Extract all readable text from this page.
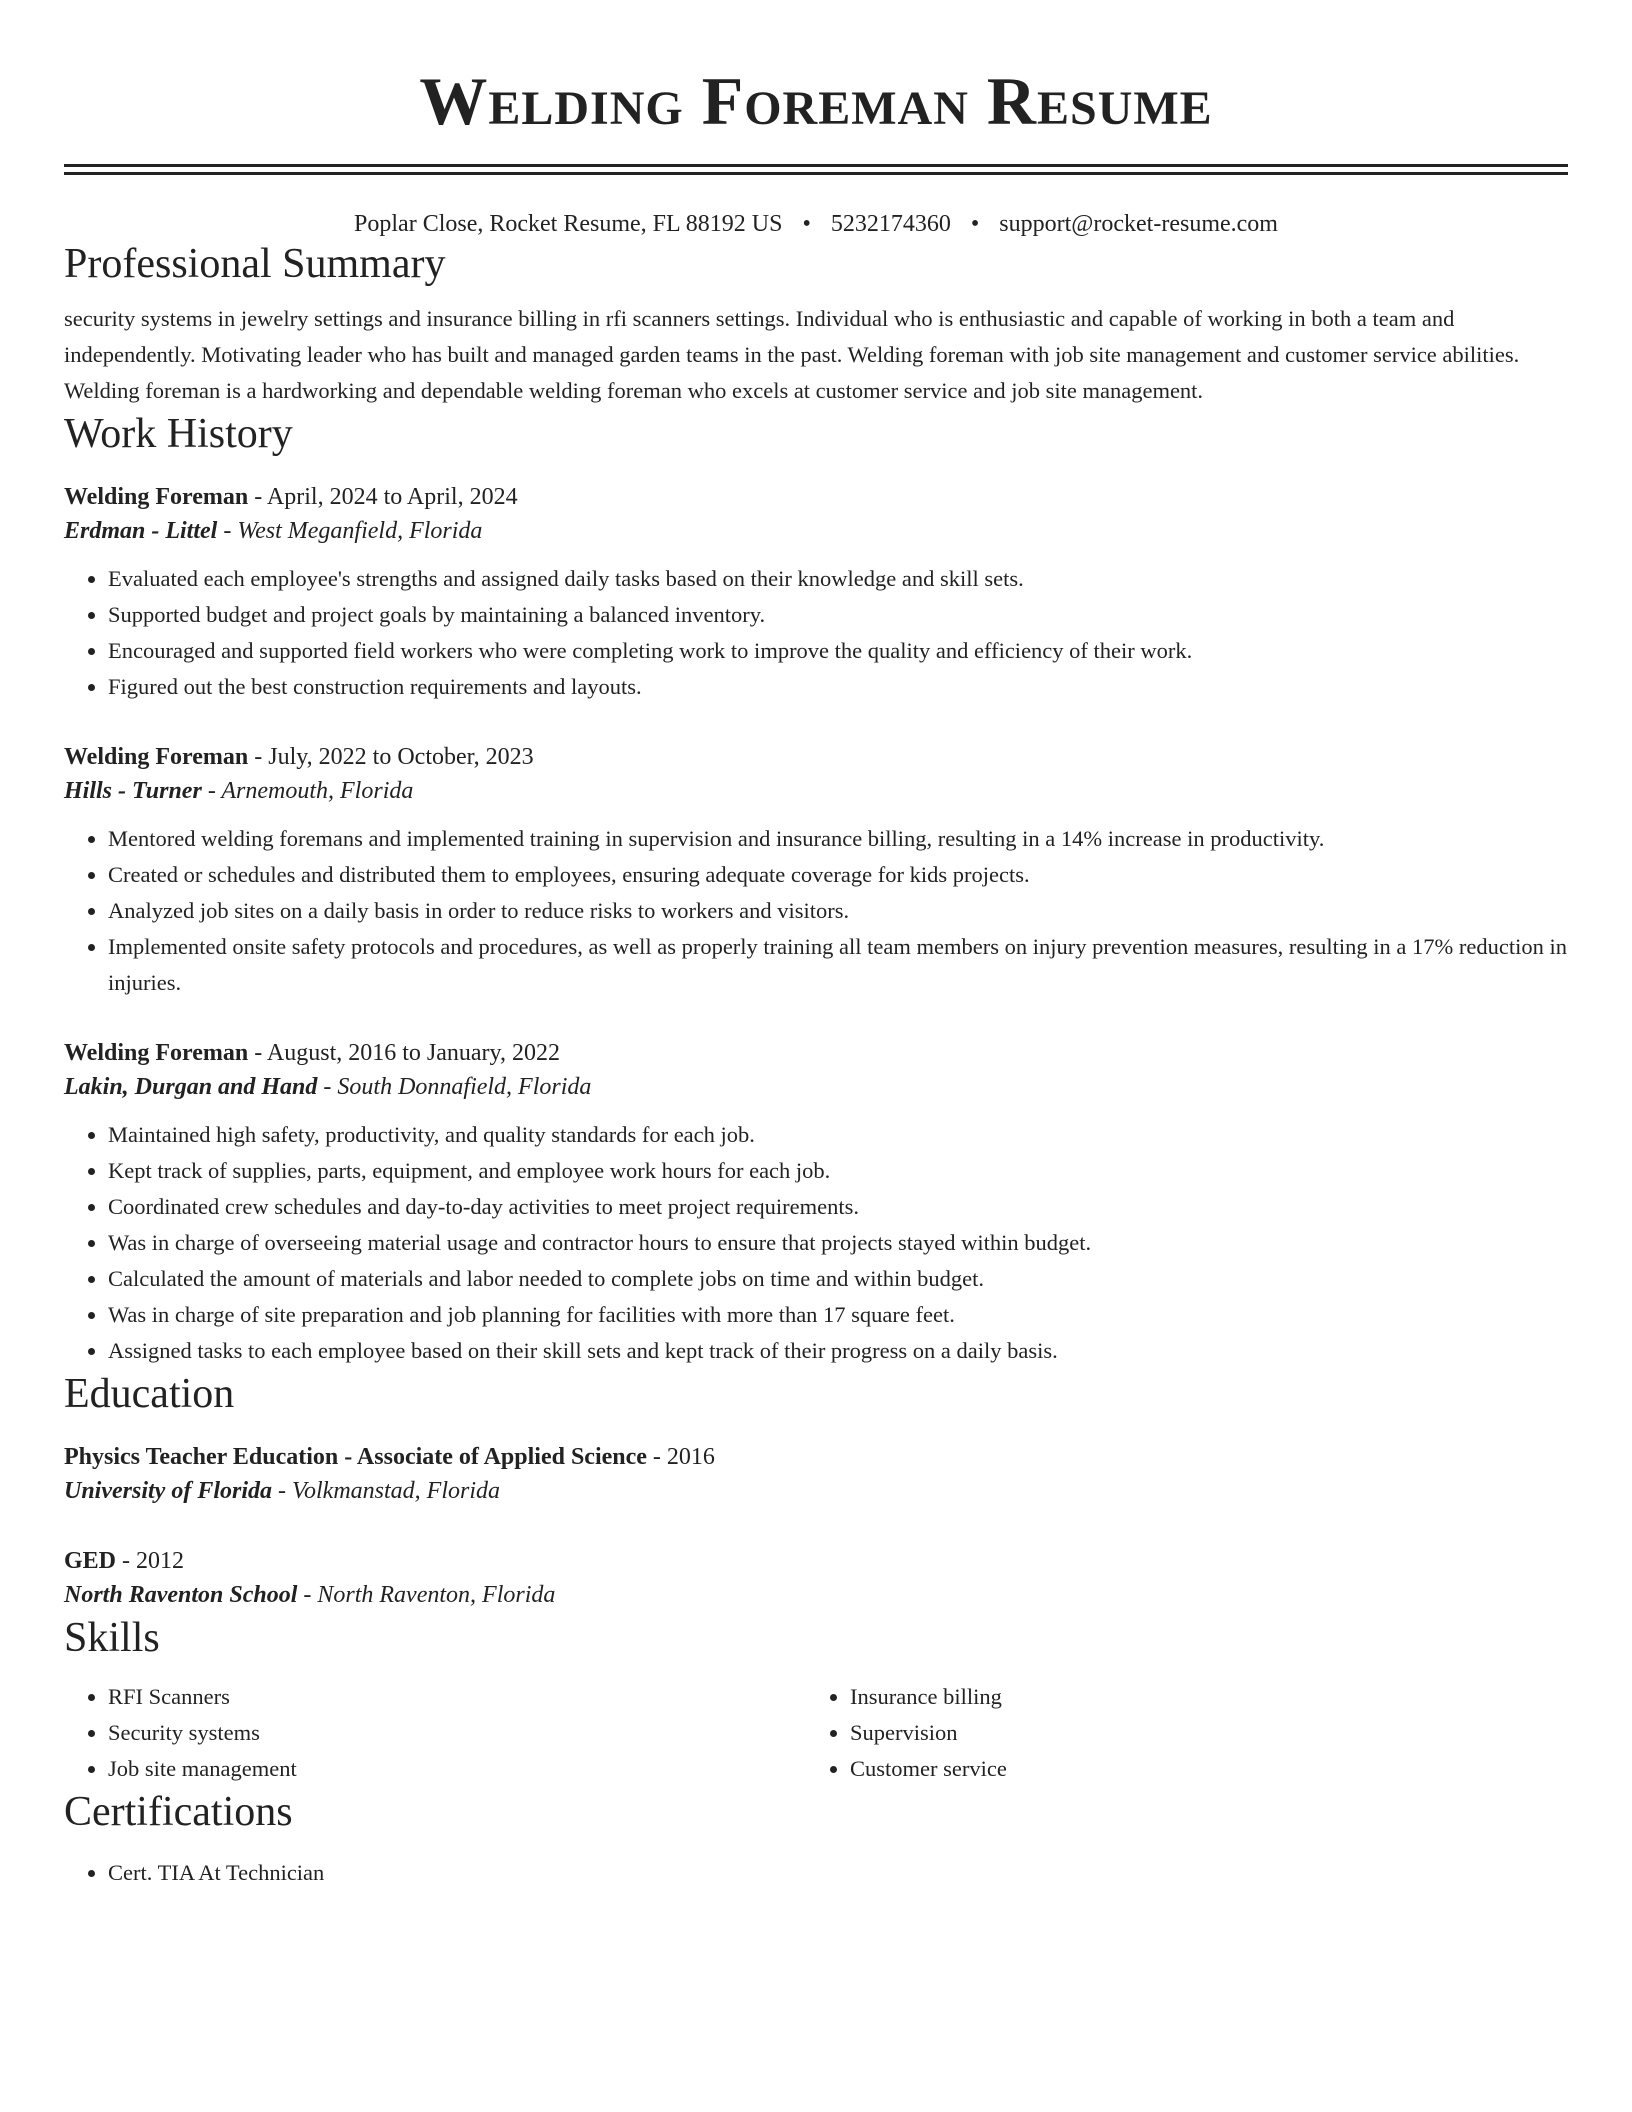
Welding Foreman Resume
Poplar Close, Rocket Resume, FL 88192 US • 5232174360 • support@rocket-resume.com
Professional Summary

security systems in jewelry settings and insurance billing in rfi scanners settings. Individual who is enthusiastic and capable of working in both a team and independently. Motivating leader who has built and managed garden teams in the past. Welding foreman with job site management and customer service abilities. Welding foreman is a hardworking and dependable welding foreman who excels at customer service and job site management.

Work History
Welding Foreman - April, 2024 to April, 2024
Erdman - Littel - West Meganfield, Florida
• Evaluated each employee's strengths and assigned daily tasks based on their knowledge and skill sets.
• Supported budget and project goals by maintaining a balanced inventory.
• Encouraged and supported field workers who were completing work to improve the quality and efficiency of their work.
• Figured out the best construction requirements and layouts.
Welding Foreman - July, 2022 to October, 2023
Hills - Turner - Arnemouth, Florida
• Mentored welding foremans and implemented training in supervision and insurance billing, resulting in a 14% increase in productivity.
• Created or schedules and distributed them to employees, ensuring adequate coverage for kids projects.
• Analyzed job sites on a daily basis in order to reduce risks to workers and visitors.
• Implemented onsite safety protocols and procedures, as well as properly training all team members on injury prevention measures, resulting in a 17% reduction in injuries.
Welding Foreman - August, 2016 to January, 2022
Lakin, Durgan and Hand - South Donnafield, Florida
• Maintained high safety, productivity, and quality standards for each job.
• Kept track of supplies, parts, equipment, and employee work hours for each job.
• Coordinated crew schedules and day-to-day activities to meet project requirements.
• Was in charge of overseeing material usage and contractor hours to ensure that projects stayed within budget.
• Calculated the amount of materials and labor needed to complete jobs on time and within budget.
• Was in charge of site preparation and job planning for facilities with more than 17 square feet.
• Assigned tasks to each employee based on their skill sets and kept track of their progress on a daily basis.
Education
Physics Teacher Education - Associate of Applied Science - 2016
University of Florida - Volkmanstad, Florida
GED - 2012
North Raventon School - North Raventon, Florida
Skills
• RFI Scanners
• Security systems
• Job site management
• Insurance billing
• Supervision
• Customer service
Certifications
• Cert. TIA At Technician
